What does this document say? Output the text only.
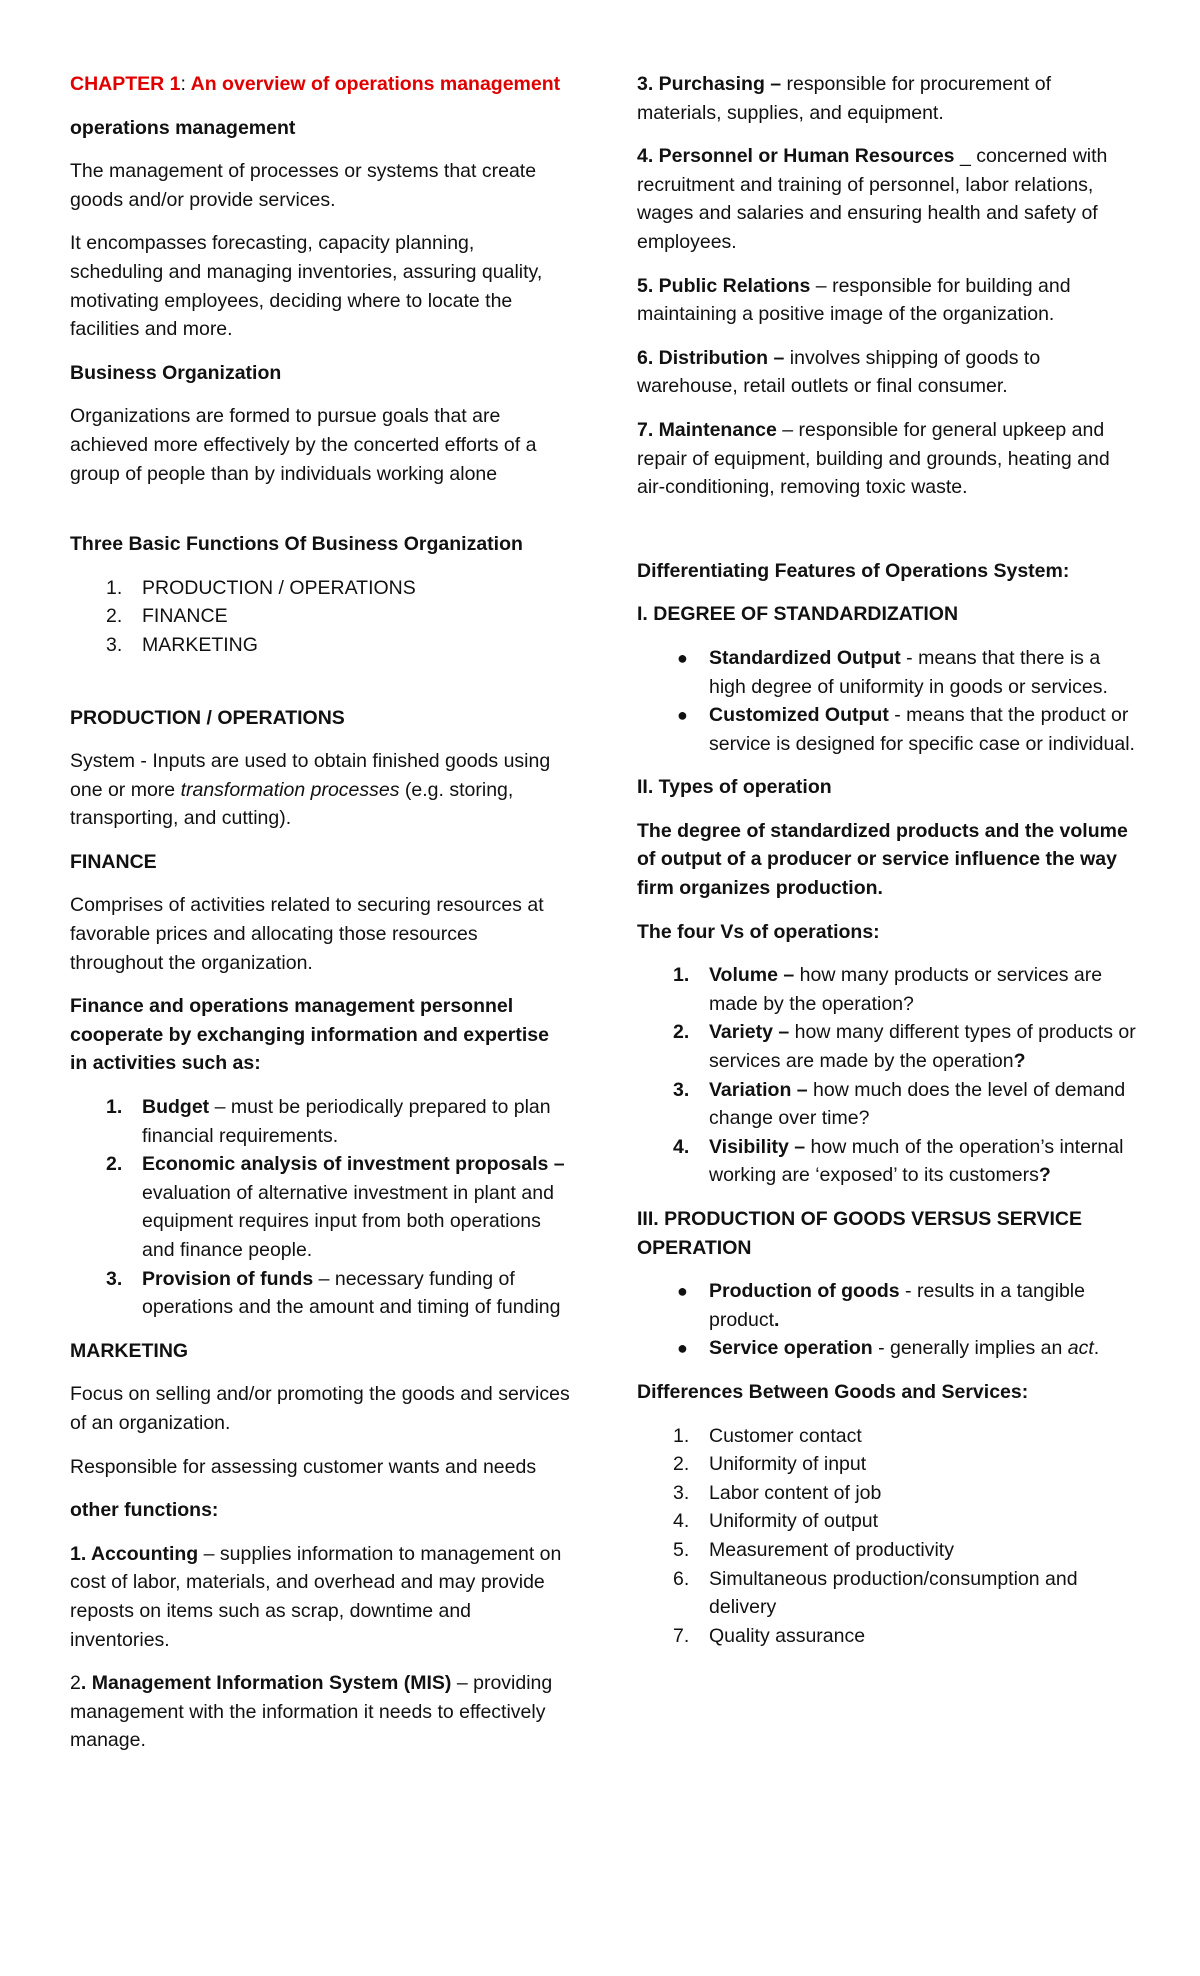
CHAPTER 1: An overview of operations management

operations management

The management of processes or systems that create goods and/or provide services.

It encompasses forecasting, capacity planning, scheduling and managing inventories, assuring quality, motivating employees, deciding where to locate the facilities and more.

Business Organization

Organizations are formed to pursue goals that are achieved more effectively by the concerted efforts of a group of people than by individuals working alone

Three Basic Functions Of Business Organization

1. PRODUCTION / OPERATIONS
2. FINANCE
3. MARKETING

PRODUCTION / OPERATIONS

System - Inputs are used to obtain finished goods using one or more transformation processes (e.g. storing, transporting, and cutting).

FINANCE

Comprises of activities related to securing resources at favorable prices and allocating those resources throughout the organization.

Finance and operations management personnel cooperate by exchanging information and expertise in activities such as:

1. Budget – must be periodically prepared to plan financial requirements.
2. Economic analysis of investment proposals – evaluation of alternative investment in plant and equipment requires input from both operations and finance people.
3. Provision of funds – necessary funding of operations and the amount and timing of funding

MARKETING

Focus on selling and/or promoting the goods and services of an organization.

Responsible for assessing customer wants and needs

other functions:

1. Accounting – supplies information to management on cost of labor, materials, and overhead and may provide reposts on items such as scrap, downtime and inventories.

2. Management Information System (MIS) – providing management with the information it needs to effectively manage.

3. Purchasing – responsible for procurement of materials, supplies, and equipment.

4. Personnel or Human Resources _ concerned with recruitment and training of personnel, labor relations, wages and salaries and ensuring health and safety of employees.

5. Public Relations – responsible for building and maintaining a positive image of the organization.

6. Distribution – involves shipping of goods to warehouse, retail outlets or final consumer.

7. Maintenance – responsible for general upkeep and repair of equipment, building and grounds, heating and air-conditioning, removing toxic waste.

Differentiating Features of Operations System:

I. DEGREE OF STANDARDIZATION

● Standardized Output - means that there is a high degree of uniformity in goods or services.
● Customized Output - means that the product or service is designed for specific case or individual.

II. Types of operation

The degree of standardized products and the volume of output of a producer or service influence the way firm organizes production.

The four Vs of operations:

1. Volume – how many products or services are made by the operation?
2. Variety – how many different types of products or services are made by the operation?
3. Variation – how much does the level of demand change over time?
4. Visibility – how much of the operation’s internal working are ‘exposed’ to its customers?

III. PRODUCTION OF GOODS VERSUS SERVICE OPERATION

● Production of goods - results in a tangible product.
● Service operation - generally implies an act.

Differences Between Goods and Services:

1. Customer contact
2. Uniformity of input
3. Labor content of job
4. Uniformity of output
5. Measurement of productivity
6. Simultaneous production/consumption and delivery
7. Quality assurance
